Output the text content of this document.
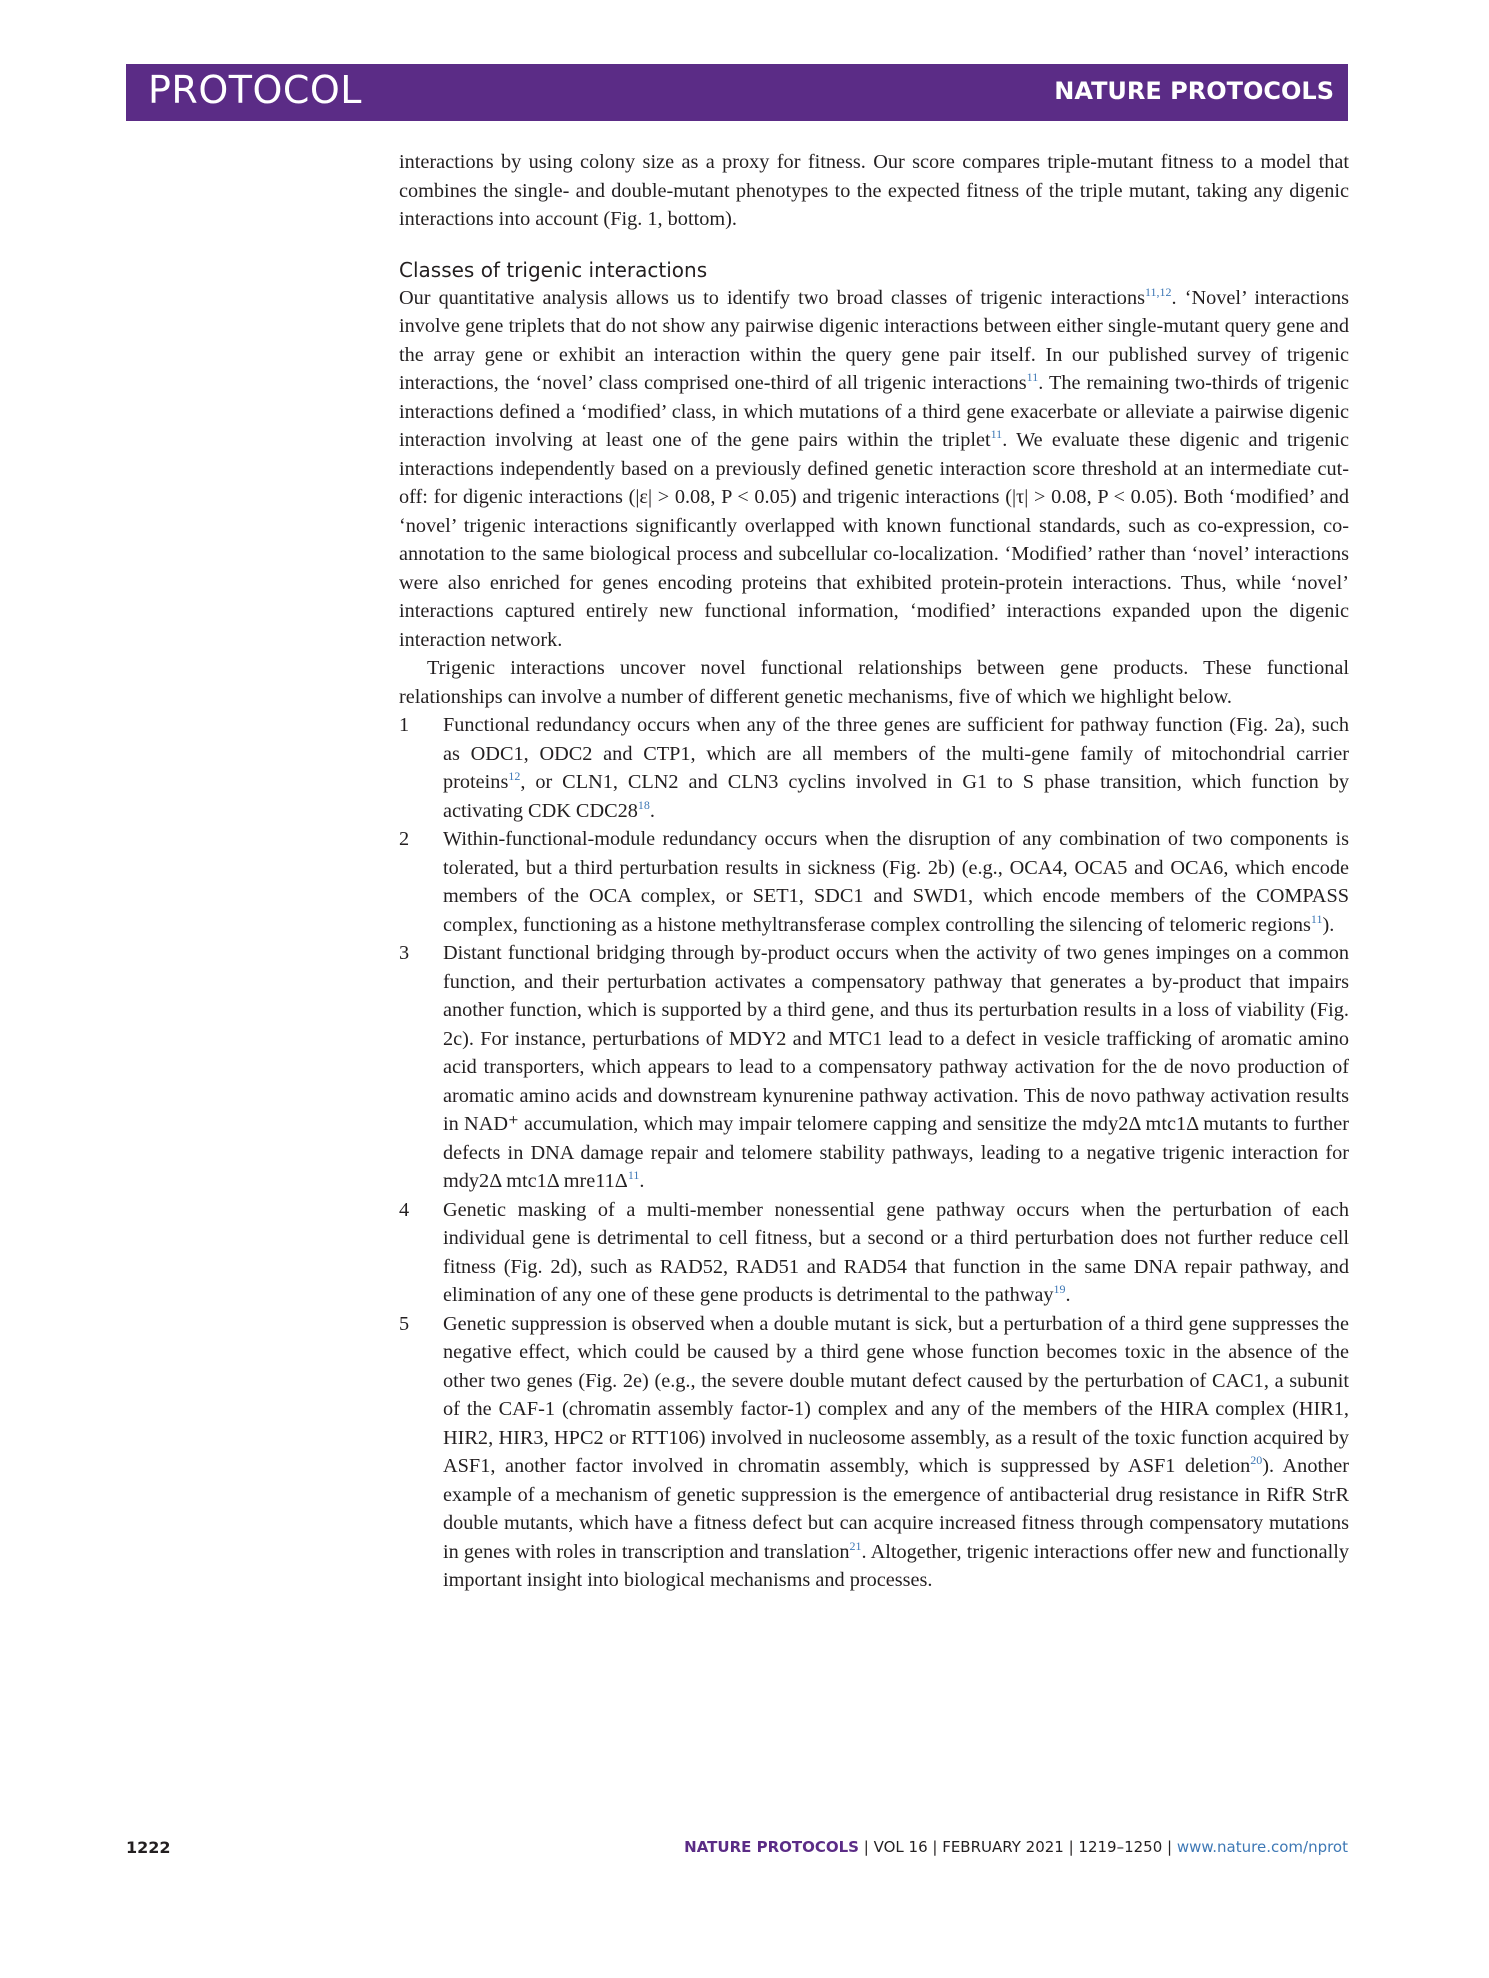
PROTOCOL	NATURE PROTOCOLS

interactions by using colony size as a proxy for fitness. Our score compares triple-mutant fitness to a model that combines the single- and double-mutant phenotypes to the expected fitness of the triple mutant, taking any digenic interactions into account (Fig. 1, bottom).

Classes of trigenic interactions

Our quantitative analysis allows us to identify two broad classes of trigenic interactions$^{11,12}$. ‘Novel’ interactions involve gene triplets that do not show any pairwise digenic interactions between either single-mutant query gene and the array gene or exhibit an interaction within the query gene pair itself. In our published survey of trigenic interactions, the ‘novel’ class comprised one-third of all trigenic interactions$^{11}$. The remaining two-thirds of trigenic interactions defined a ‘modified’ class, in which mutations of a third gene exacerbate or alleviate a pairwise digenic interaction involving at least one of the gene pairs within the triplet$^{11}$. We evaluate these digenic and trigenic interactions independently based on a previously defined genetic interaction score threshold at an intermediate cut-off: for digenic interactions (|ε| > 0.08, P < 0.05) and trigenic interactions (|τ| > 0.08, P < 0.05). Both ‘modified’ and ‘novel’ trigenic interactions significantly overlapped with known functional standards, such as co-expression, co-annotation to the same biological process and subcellular co-localization. ‘Modified’ rather than ‘novel’ interactions were also enriched for genes encoding proteins that exhibited protein-protein interactions. Thus, while ‘novel’ interactions captured entirely new functional information, ‘modified’ interactions expanded upon the digenic interaction network.

Trigenic interactions uncover novel functional relationships between gene products. These functional relationships can involve a number of different genetic mechanisms, five of which we highlight below.

1 Functional redundancy occurs when any of the three genes are sufficient for pathway function (Fig. 2a), such as ODC1, ODC2 and CTP1, which are all members of the multi-gene family of mitochondrial carrier proteins$^{12}$, or CLN1, CLN2 and CLN3 cyclins involved in G1 to S phase transition, which function by activating CDK $CDC28^{18}$.
2 Within-functional-module redundancy occurs when the disruption of any combination of two components is tolerated, but a third perturbation results in sickness (Fig. 2b) (e.g., OCA4, OCA5 and OCA6, which encode members of the OCA complex, or SET1, SDC1 and SWD1, which encode members of the COMPASS complex, functioning as a histone methyltransferase complex controlling the silencing of telomeric regions$^{11}$).
3 Distant functional bridging through by-product occurs when the activity of two genes impinges on a common function, and their perturbation activates a compensatory pathway that generates a by-product that impairs another function, which is supported by a third gene, and thus its perturbation results in a loss of viability (Fig. 2c). For instance, perturbations of MDY2 and MTC1 lead to a defect in vesicle trafficking of aromatic amino acid transporters, which appears to lead to a compensatory pathway activation for the de novo production of aromatic amino acids and downstream kynurenine pathway activation. This de novo pathway activation results in NAD⁺ accumulation, which may impair telomere capping and sensitize the mdy2Δ mtc1Δ mutants to further defects in DNA damage repair and telomere stability pathways, leading to a negative trigenic interaction for mdy2Δ mtc1Δ $mre11\Delta^{11}$.
4 Genetic masking of a multi-member nonessential gene pathway occurs when the perturbation of each individual gene is detrimental to cell fitness, but a second or a third perturbation does not further reduce cell fitness (Fig. 2d), such as RAD52, RAD51 and RAD54 that function in the same DNA repair pathway, and elimination of any one of these gene products is detrimental to the pathway$^{19}$.
5 Genetic suppression is observed when a double mutant is sick, but a perturbation of a third gene suppresses the negative effect, which could be caused by a third gene whose function becomes toxic in the absence of the other two genes (Fig. 2e) (e.g., the severe double mutant defect caused by the perturbation of CAC1, a subunit of the CAF-1 (chromatin assembly factor-1) complex and any of the members of the HIRA complex (HIR1, HIR2, HIR3, HPC2 or RTT106) involved in nucleosome assembly, as a result of the toxic function acquired by ASF1, another factor involved in chromatin assembly, which is suppressed by ASF1 deletion$^{20}$). Another example of a mechanism of genetic suppression is the emergence of antibacterial drug resistance in RifR StrR double mutants, which have a fitness defect but can acquire increased fitness through compensatory mutations in genes with roles in transcription and translation$^{21}$. Altogether, trigenic interactions offer new and functionally important insight into biological mechanisms and processes.
1222	NATURE PROTOCOLS | VOL 16 | FEBRUARY 2021 | 1219–1250 | www.nature.com/nprot
